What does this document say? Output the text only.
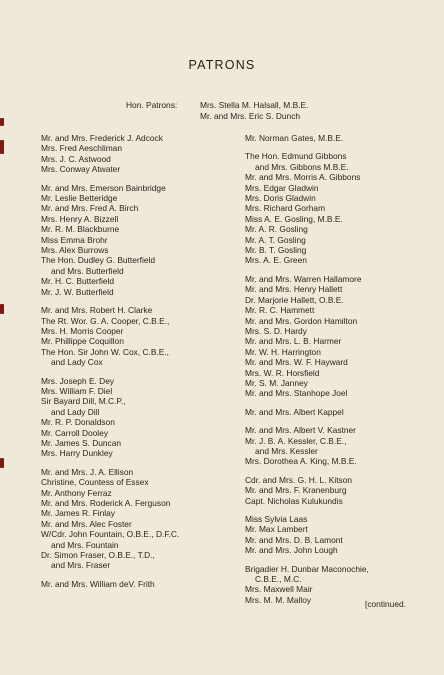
PATRONS
Hon. Patrons:	Mrs. Stella M. Halsall, M.B.E.
Mr. and Mrs. Eric S. Dunch
Mr. and Mrs. Frederick J. Adcock
Mrs. Fred Aeschliman
Mrs. J. C. Astwood
Mrs. Conway Atwater
Mr. and Mrs. Emerson Bainbridge
Mr. Leslie Betteridge
Mr. and Mrs. Fred A. Birch
Mrs. Henry A. Bizzell
Mr. R. M. Blackburne
Miss Emma Brohr
Mrs. Alex Burrows
The Hon. Dudley G. Butterfield
and Mrs. Butterfield
Mr. H. C. Butterfield
Mr. J. W. Butterfield
Mr. and Mrs. Robert H. Clarke
The Rt. Wor. G. A. Cooper, C.B.E.,
Mrs. H. Morris Cooper
Mr. Phillippe Coquillon
The Hon. Sir John W. Cox, C.B.E.,
and Lady Cox
Mrs. Joseph E. Dey
Mrs. William F. Diel
Sir Bayard Dill, M.C.P.,
and Lady Dill
Mr. R. P. Donaldson
Mr. Carroll Dooley
Mr. James S. Duncan
Mrs. Harry Dunkley
Mr. and Mrs. J. A. Ellison
Christine, Countess of Essex
Mr. Anthony Ferraz
Mr. and Mrs. Roderick A. Ferguson
Mr. James R. Finlay
Mr. and Mrs. Alec Foster
W/Cdr. John Fountain, O.B.E., D.F.C.
and Mrs. Fountain
Dr. Simon Fraser, O.B.E., T.D.,
and Mrs. Fraser
Mr. and Mrs. William deV. Frith
Mr. Norman Gates, M.B.E.
The Hon. Edmund Gibbons
and Mrs. Gibbons M.B.E.
Mr. and Mrs. Morris A. Gibbons
Mrs. Edgar Gladwin
Mrs. Doris Gladwin
Mrs. Richard Gorham
Miss A. E. Gosling, M.B.E.
Mr. A. R. Gosling
Mr. A. T. Gosling
Mr. B. T. Gosling
Mrs. A. E. Green
Mr. and Mrs. Warren Hallamore
Mr. and Mrs. Henry Hallett
Dr. Marjorie Hallett, O.B.E.
Mr. R. C. Hammett
Mr. and Mrs. Gordon Hamilton
Mrs. S. D. Hardy
Mr. and Mrs. L. B. Harmer
Mr. W. H. Harrington
Mr. and Mrs. W. F. Hayward
Mrs. W. R. Horsfield
Mr. S. M. Janney
Mr. and Mrs. Stanhope Joel
Mr. and Mrs. Albert Kappel
Mr. and Mrs. Albert V. Kastner
Mr. J. B. A. Kessler, C.B.E.,
and Mrs. Kessler
Mrs. Dorothea A. King, M.B.E.
Cdr. and Mrs. G. H. L. Kitson
Mr. and Mrs. F. Kranenburg
Capt. Nicholas Kulukundis
Miss Sylvia Laas
Mr. Max Lambert
Mr. and Mrs. D. B. Lamont
Mr. and Mrs. John Lough
Brigadier H. Dunbar Maconochie,
C.B.E., M.C.
Mrs. Maxwell Mair
Mrs. M. M. Malloy	[continued.
